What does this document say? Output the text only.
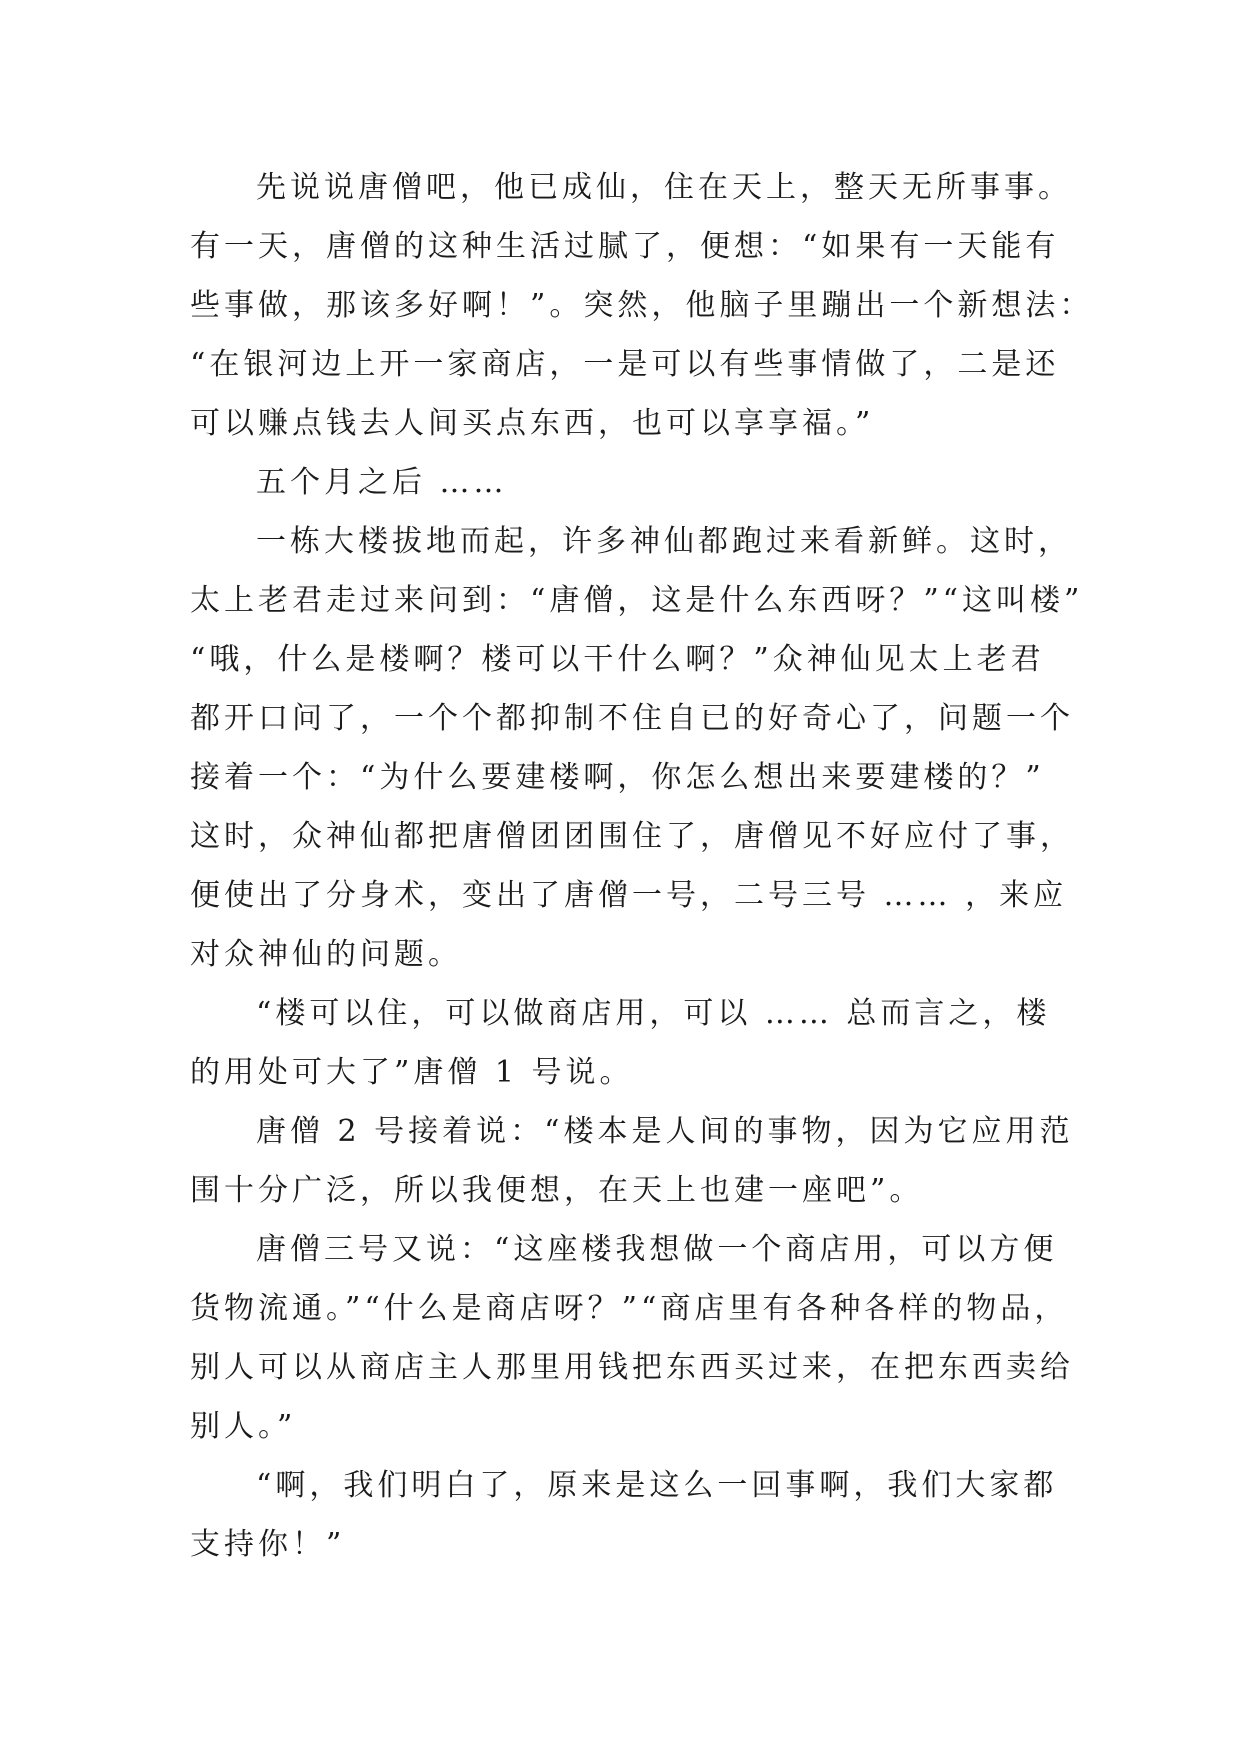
先说说唐僧吧，他已成仙，住在天上，整天无所事事。
有一天，唐僧的这种生活过腻了，便想：“如果有一天能有
些事做，那该多好啊！”。突然，他脑子里蹦出一个新想法：
“在银河边上开一家商店，一是可以有些事情做了，二是还
可以赚点钱去人间买点东西，也可以享享福。”
五个月之后 ……
一栋大楼拔地而起，许多神仙都跑过来看新鲜。这时，
太上老君走过来问到：“唐僧，这是什么东西呀？”“这叫楼”
“哦，什么是楼啊？楼可以干什么啊？”众神仙见太上老君
都开口问了，一个个都抑制不住自已的好奇心了，问题一个
接着一个：“为什么要建楼啊，你怎么想出来要建楼的？”
这时，众神仙都把唐僧团团围住了，唐僧见不好应付了事，
便使出了分身术，变出了唐僧一号，二号三号 …… ，来应
对众神仙的问题。
“楼可以住，可以做商店用，可以 …… 总而言之，楼
的用处可大了”唐僧 1 号说。
唐僧 2 号接着说：“楼本是人间的事物，因为它应用范
围十分广泛，所以我便想，在天上也建一座吧”。
唐僧三号又说：“这座楼我想做一个商店用，可以方便
货物流通。”“什么是商店呀？”“商店里有各种各样的物品，
别人可以从商店主人那里用钱把东西买过来，在把东西卖给
别人。”
“啊，我们明白了，原来是这么一回事啊，我们大家都
支持你！”
